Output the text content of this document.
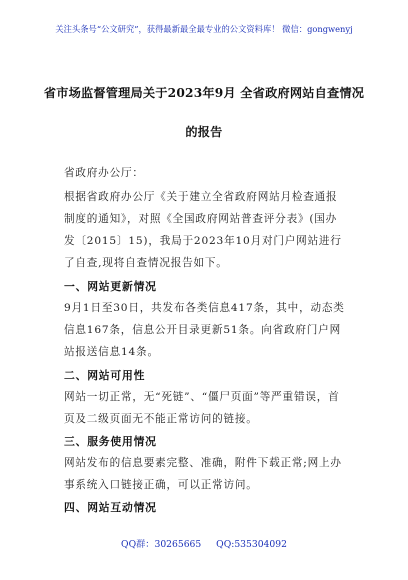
关注头条号“公文研究”，获得最新最全最专业的公文资料库！ 微信：gongwenyj
省市场监督管理局关于2023年9月 全省政府网站自查情况
的报告
省政府办公厅：
根据省政府办公厅《关于建立全省政府网站月检查通报制度的通知》，对照《全国政府网站普查评分表》(国办发〔2015〕15)，我局于2023年10月对门户网站进行了自查,现将自查情况报告如下。
一、网站更新情况
9月1日至30日，共发布各类信息417条，其中，动态类信息167条，信息公开目录更新51条。向省政府门户网站报送信息14条。
二、网站可用性
网站一切正常，无“死链”、“僵尸页面”等严重错误，首页及二级页面无不能正常访问的链接。
三、服务使用情况
网站发布的信息要素完整、准确，附件下载正常;网上办事系统入口链接正确，可以正常访问。
四、网站互动情况
QQ群：30265665 QQ:535304092
